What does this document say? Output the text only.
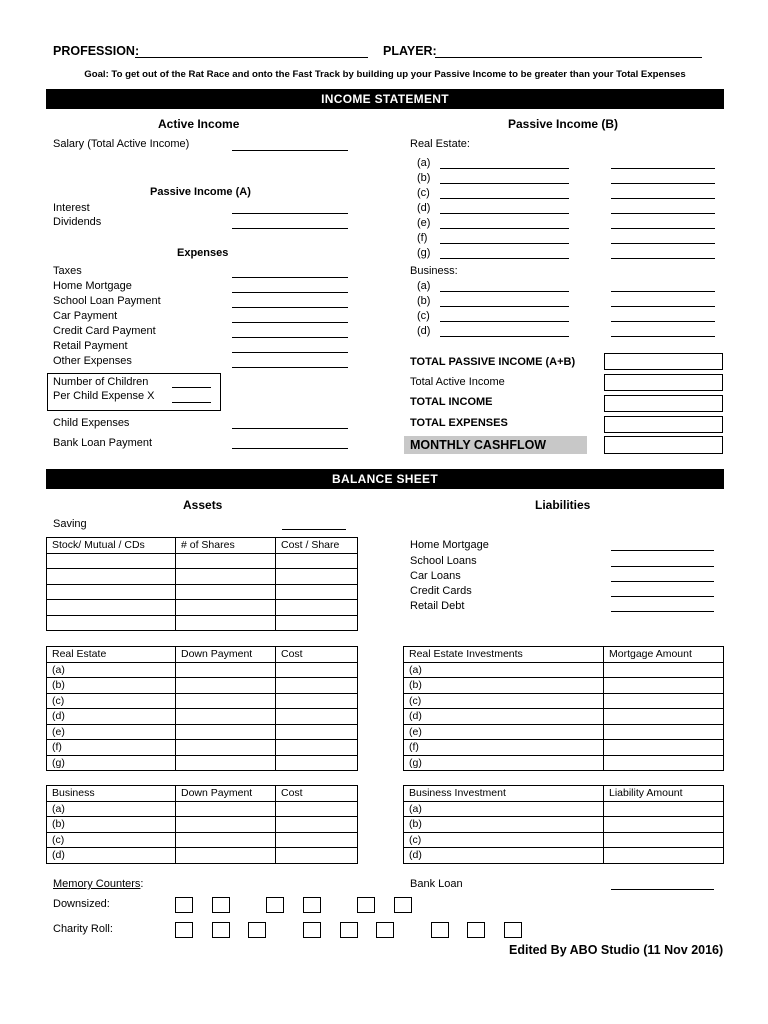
PROFESSION:	PLAYER:
Goal: To get out of the Rat Race and onto the Fast Track by building up your Passive Income to be greater than your Total Expenses
INCOME STATEMENT
Active Income
Salary (Total Active Income)
Passive Income (A)
Interest
Dividends
Expenses
Taxes
Home Mortgage
School Loan Payment
Car Payment
Credit Card Payment
Retail Payment
Other Expenses
Number of Children
Per Child Expense X
Child Expenses
Bank Loan Payment
Passive Income (B)
Real Estate:
(a)
(b)
(c)
(d)
(e)
(f)
(g)
Business:
(a)
(b)
(c)
(d)
TOTAL PASSIVE INCOME (A+B)
Total Active Income
TOTAL INCOME
TOTAL EXPENSES
MONTHLY CASHFLOW
BALANCE SHEET
Assets	Liabilities
Saving
Stock/ Mutual / CDs	# of Shares	Cost / Share

			Home Mortgage
School Loans
Car Loans
Credit Cards
Retail Debt
Real Estate	Down Payment	Cost
(a)		
(b)		
(c)		
(d)		
(e)		
(f)		
(g)		
Real Estate Investments	Mortgage Amount
(a)	
(b)	
(c)	
(d)	
(e)	
(f)	
(g)	
Business	Down Payment	Cost
(a)		
(b)		
(c)		
(d)		
Business Investment	Liability Amount
(a)	
(b)	
(c)	
(d)	
Memory Counters:	Bank Loan
Downsized:
Charity Roll:
Edited By ABO Studio (11 Nov 2016)
